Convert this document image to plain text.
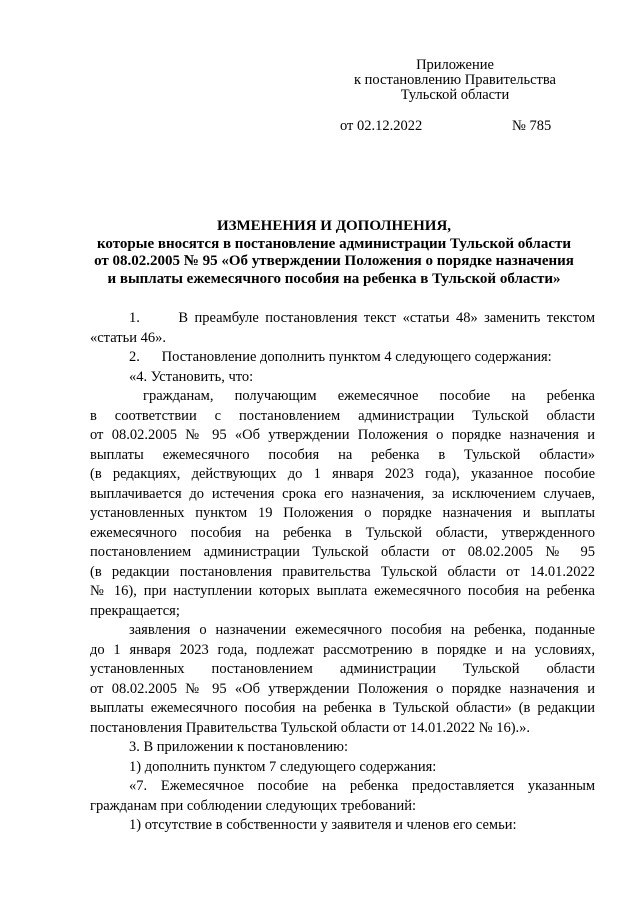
Приложение
к постановлению Правительства
Тульской области
от 02.12.2022	№ 785
ИЗМЕНЕНИЯ И ДОПОЛНЕНИЯ,
которые вносятся в постановление администрации Тульской области
от 08.02.2005 № 95 «Об утверждении Положения о порядке назначения
и выплаты ежемесячного пособия на ребенка в Тульской области»

1.      В преамбуле постановления текст «статьи 48» заменить текстом
«статьи 46».

2.      Постановление дополнить пунктом 4 следующего содержания:

«4. Установить, что:

гражданам, получающим ежемесячное пособие на ребенка
в соответствии с постановлением администрации Тульской области
от 08.02.2005 № 95 «Об утверждении Положения о порядке назначения и
выплаты ежемесячного пособия на ребенка в Тульской области»
(в редакциях, действующих до 1 января 2023 года), указанное пособие
выплачивается до истечения срока его назначения, за исключением случаев,
установленных пунктом 19 Положения о порядке назначения и выплаты
ежемесячного пособия на ребенка в Тульской области, утвержденного
постановлением администрации Тульской области от 08.02.2005 № 95
(в редакции постановления правительства Тульской области от 14.01.2022
№ 16), при наступлении которых выплата ежемесячного пособия на ребенка
прекращается;

заявления о назначении ежемесячного пособия на ребенка, поданные
до 1 января 2023 года, подлежат рассмотрению в порядке и на условиях,
установленных постановлением администрации Тульской области
от 08.02.2005 № 95 «Об утверждении Положения о порядке назначения и
выплаты ежемесячного пособия на ребенка в Тульской области» (в редакции
постановления Правительства Тульской области от 14.01.2022 № 16).».

3. В приложении к постановлению:

1) дополнить пунктом 7 следующего содержания:

«7. Ежемесячное пособие на ребенка предоставляется указанным
гражданам при соблюдении следующих требований:

1) отсутствие в собственности у заявителя и членов его семьи:
